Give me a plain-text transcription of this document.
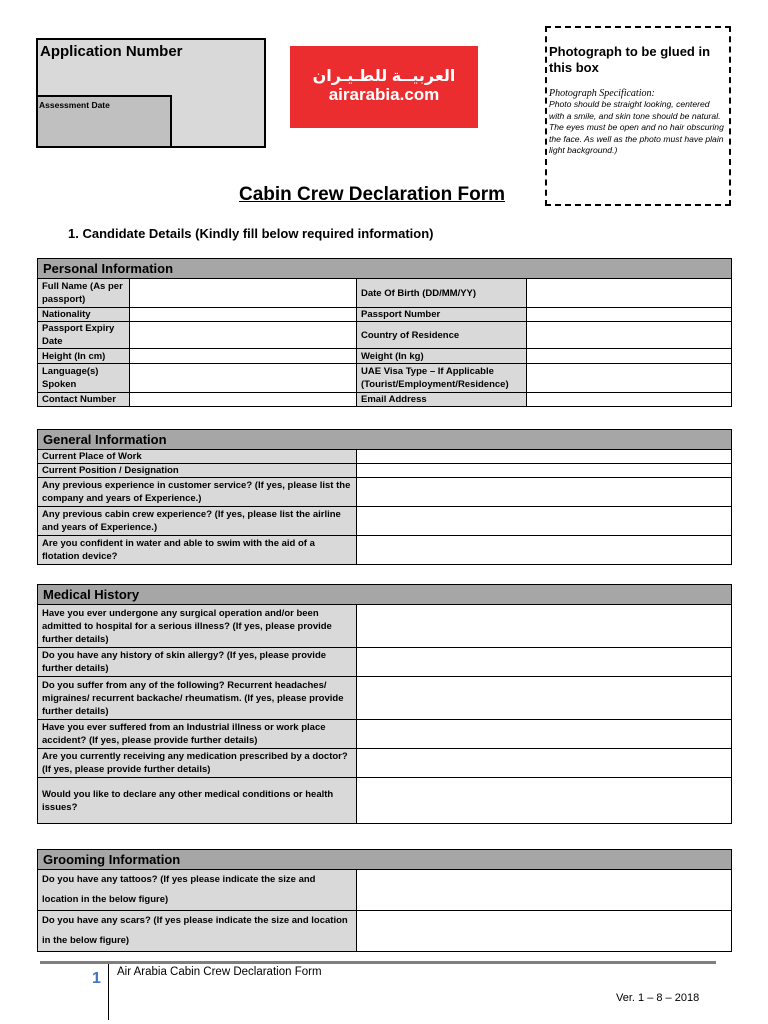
Application Number
Assessment Date
العربيــة للطـيـران
airarabia.com
Photograph to be glued in this box
Photograph Specification:
Photo should be straight looking, centered with a smile, and skin tone should be natural. The eyes must be open and no hair obscuring the face. As well as the photo must have plain light background.)
Cabin Crew Declaration Form
1. Candidate Details (Kindly fill below required information)
Personal Information			
Full Name (As per passport)		Date Of Birth (DD/MM/YY)	
Nationality		Passport Number	
Passport Expiry Date		Country of Residence	
Height (In cm)		Weight (In kg)	
Language(s) Spoken		UAE Visa Type – If Applicable (Tourist/Employment/Residence)	
Contact Number		Email Address	
General Information	
Current Place of Work	
Current Position / Designation	
Any previous experience in customer service? (If yes, please list the company and years of Experience.)	
Any previous cabin crew experience? (If yes, please list the airline and years of Experience.)	
Are you confident in water and able to swim with the aid of a flotation device?	
Medical History	
Have you ever undergone any surgical operation and/or been admitted to hospital for a serious illness? (If yes, please provide further details)	
Do you have any history of skin allergy? (If yes, please provide further details)	
Do you suffer from any of the following? Recurrent headaches/ migraines/ recurrent backache/ rheumatism. (If yes, please provide further details)	
Have you ever suffered from an Industrial illness or work place accident? (If yes, please provide further details)	
Are you currently receiving any medication prescribed by a doctor? (If yes, please provide further details)	
Would you like to declare any other medical conditions or health issues?	
Grooming Information	
Do you have any tattoos? (If yes please indicate the size and location in the below figure)	
Do you have any scars? (If yes please indicate the size and location in the below figure)	
1 Air Arabia Cabin Crew Declaration Form
Ver. 1 – 8 – 2018
